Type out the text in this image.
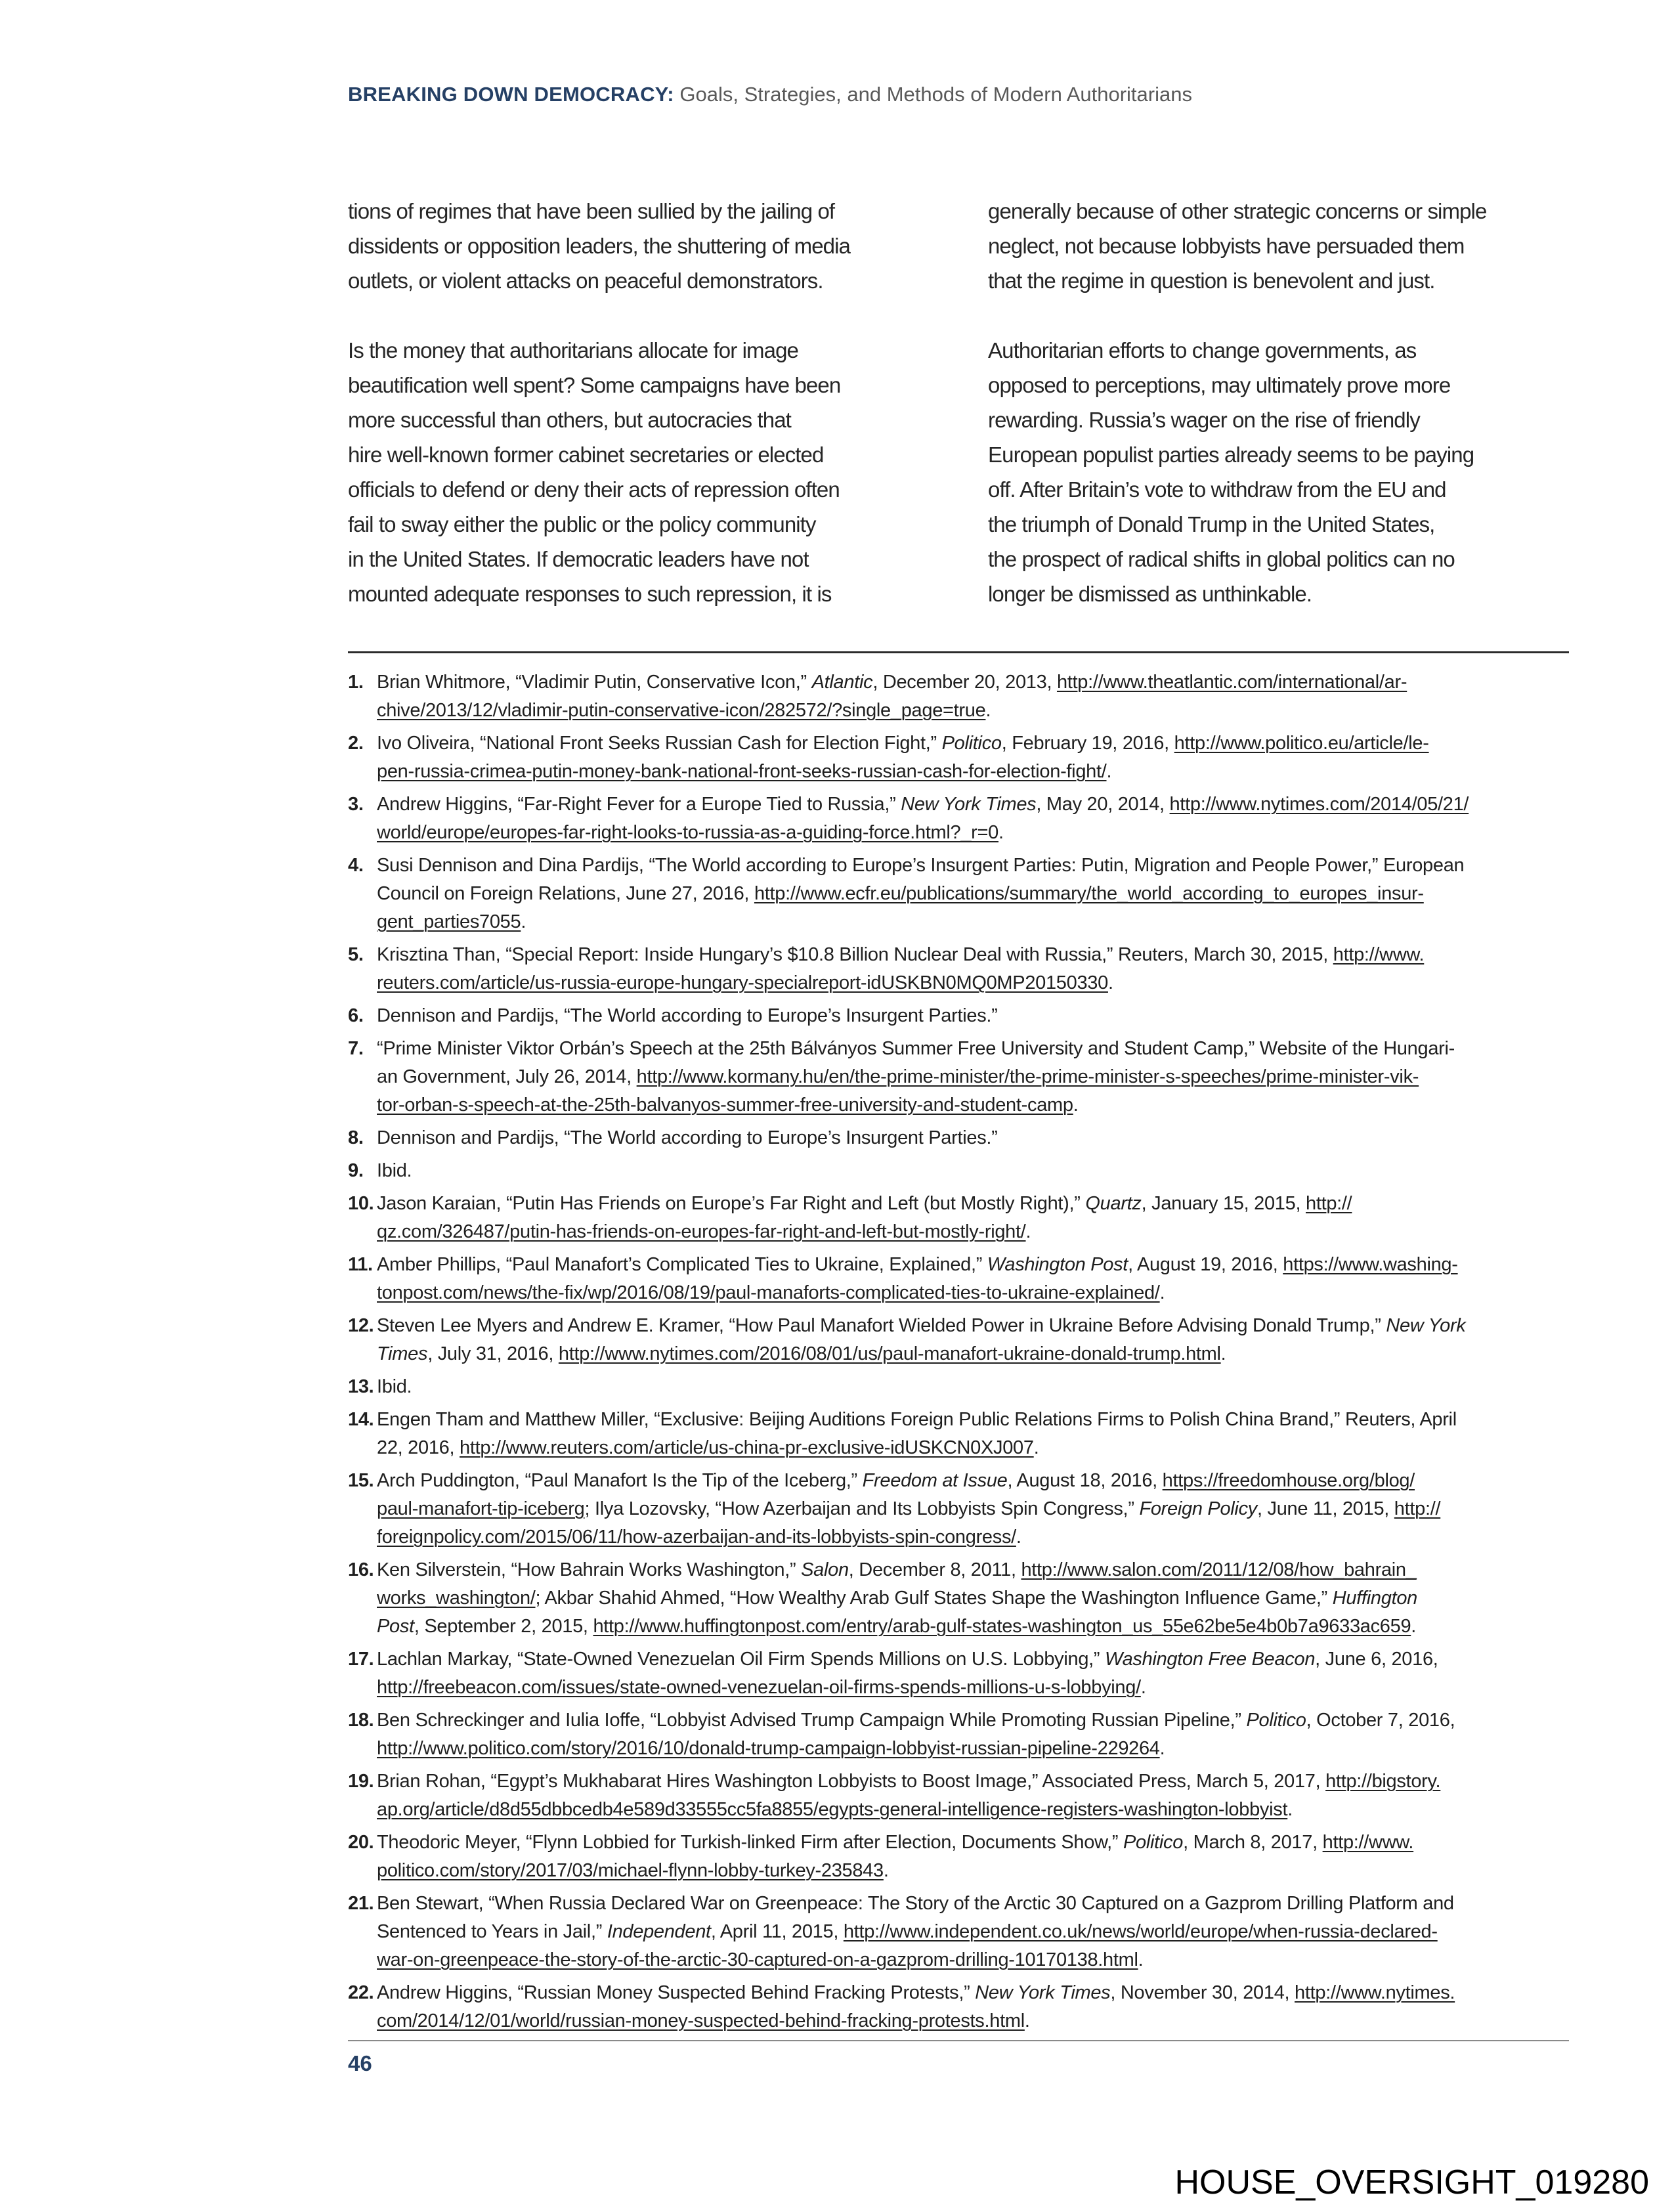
BREAKING DOWN DEMOCRACY: Goals, Strategies, and Methods of Modern Authoritarians
tions of regimes that have been sullied by the jailing of
dissidents or opposition leaders, the shuttering of media
outlets, or violent attacks on peaceful demonstrators.
Is the money that authoritarians allocate for image
beautification well spent? Some campaigns have been
more successful than others, but autocracies that
hire well-known former cabinet secretaries or elected
officials to defend or deny their acts of repression often
fail to sway either the public or the policy community
in the United States. If democratic leaders have not
mounted adequate responses to such repression, it is
generally because of other strategic concerns or simple
neglect, not because lobbyists have persuaded them
that the regime in question is benevolent and just.
Authoritarian efforts to change governments, as
opposed to perceptions, may ultimately prove more
rewarding. Russia’s wager on the rise of friendly
European populist parties already seems to be paying
off. After Britain’s vote to withdraw from the EU and
the triumph of Donald Trump in the United States,
the prospect of radical shifts in global politics can no
longer be dismissed as unthinkable.
1. Brian Whitmore, “Vladimir Putin, Conservative Icon,” Atlantic, December 20, 2013, http://www.theatlantic.com/international/ar-
chive/2013/12/vladimir-putin-conservative-icon/282572/?single_page=true.
2. Ivo Oliveira, “National Front Seeks Russian Cash for Election Fight,” Politico, February 19, 2016, http://www.politico.eu/article/le-
pen-russia-crimea-putin-money-bank-national-front-seeks-russian-cash-for-election-fight/.
3. Andrew Higgins, “Far-Right Fever for a Europe Tied to Russia,” New York Times, May 20, 2014, http://www.nytimes.com/2014/05/21/
world/europe/europes-far-right-looks-to-russia-as-a-guiding-force.html?_r=0.
4. Susi Dennison and Dina Pardijs, “The World according to Europe’s Insurgent Parties: Putin, Migration and People Power,” European
Council on Foreign Relations, June 27, 2016, http://www.ecfr.eu/publications/summary/the_world_according_to_europes_insur-
gent_parties7055.
5. Krisztina Than, “Special Report: Inside Hungary’s $10.8 Billion Nuclear Deal with Russia,” Reuters, March 30, 2015, http://www.
reuters.com/article/us-russia-europe-hungary-specialreport-idUSKBN0MQ0MP20150330.
6. Dennison and Pardijs, “The World according to Europe’s Insurgent Parties.”
7. “Prime Minister Viktor Orbán’s Speech at the 25th Bálványos Summer Free University and Student Camp,” Website of the Hungari-
an Government, July 26, 2014, http://www.kormany.hu/en/the-prime-minister/the-prime-minister-s-speeches/prime-minister-vik-
tor-orban-s-speech-at-the-25th-balvanyos-summer-free-university-and-student-camp.
8. Dennison and Pardijs, “The World according to Europe’s Insurgent Parties.”
9. Ibid.
10. Jason Karaian, “Putin Has Friends on Europe’s Far Right and Left (but Mostly Right),” Quartz, January 15, 2015, http://
qz.com/326487/putin-has-friends-on-europes-far-right-and-left-but-mostly-right/.
11. Amber Phillips, “Paul Manafort’s Complicated Ties to Ukraine, Explained,” Washington Post, August 19, 2016, https://www.washing-
tonpost.com/news/the-fix/wp/2016/08/19/paul-manaforts-complicated-ties-to-ukraine-explained/.
12. Steven Lee Myers and Andrew E. Kramer, “How Paul Manafort Wielded Power in Ukraine Before Advising Donald Trump,” New York
Times, July 31, 2016, http://www.nytimes.com/2016/08/01/us/paul-manafort-ukraine-donald-trump.html.
13. Ibid.
14. Engen Tham and Matthew Miller, “Exclusive: Beijing Auditions Foreign Public Relations Firms to Polish China Brand,” Reuters, April
22, 2016, http://www.reuters.com/article/us-china-pr-exclusive-idUSKCN0XJ007.
15. Arch Puddington, “Paul Manafort Is the Tip of the Iceberg,” Freedom at Issue, August 18, 2016, https://freedomhouse.org/blog/
paul-manafort-tip-iceberg; Ilya Lozovsky, “How Azerbaijan and Its Lobbyists Spin Congress,” Foreign Policy, June 11, 2015, http://
foreignpolicy.com/2015/06/11/how-azerbaijan-and-its-lobbyists-spin-congress/.
16. Ken Silverstein, “How Bahrain Works Washington,” Salon, December 8, 2011, http://www.salon.com/2011/12/08/how_bahrain_
works_washington/; Akbar Shahid Ahmed, “How Wealthy Arab Gulf States Shape the Washington Influence Game,” Huffington
Post, September 2, 2015, http://www.huffingtonpost.com/entry/arab-gulf-states-washington_us_55e62be5e4b0b7a9633ac659.
17. Lachlan Markay, “State-Owned Venezuelan Oil Firm Spends Millions on U.S. Lobbying,” Washington Free Beacon, June 6, 2016,
http://freebeacon.com/issues/state-owned-venezuelan-oil-firms-spends-millions-u-s-lobbying/.
18. Ben Schreckinger and Iulia Ioffe, “Lobbyist Advised Trump Campaign While Promoting Russian Pipeline,” Politico, October 7, 2016,
http://www.politico.com/story/2016/10/donald-trump-campaign-lobbyist-russian-pipeline-229264.
19. Brian Rohan, “Egypt’s Mukhabarat Hires Washington Lobbyists to Boost Image,” Associated Press, March 5, 2017, http://bigstory.
ap.org/article/d8d55dbbcedb4e589d33555cc5fa8855/egypts-general-intelligence-registers-washington-lobbyist.
20. Theodoric Meyer, “Flynn Lobbied for Turkish-linked Firm after Election, Documents Show,” Politico, March 8, 2017, http://www.
politico.com/story/2017/03/michael-flynn-lobby-turkey-235843.
21. Ben Stewart, “When Russia Declared War on Greenpeace: The Story of the Arctic 30 Captured on a Gazprom Drilling Platform and
Sentenced to Years in Jail,” Independent, April 11, 2015, http://www.independent.co.uk/news/world/europe/when-russia-declared-
war-on-greenpeace-the-story-of-the-arctic-30-captured-on-a-gazprom-drilling-10170138.html.
22. Andrew Higgins, “Russian Money Suspected Behind Fracking Protests,” New York Times, November 30, 2014, http://www.nytimes.
com/2014/12/01/world/russian-money-suspected-behind-fracking-protests.html.
46
HOUSE_OVERSIGHT_019280
